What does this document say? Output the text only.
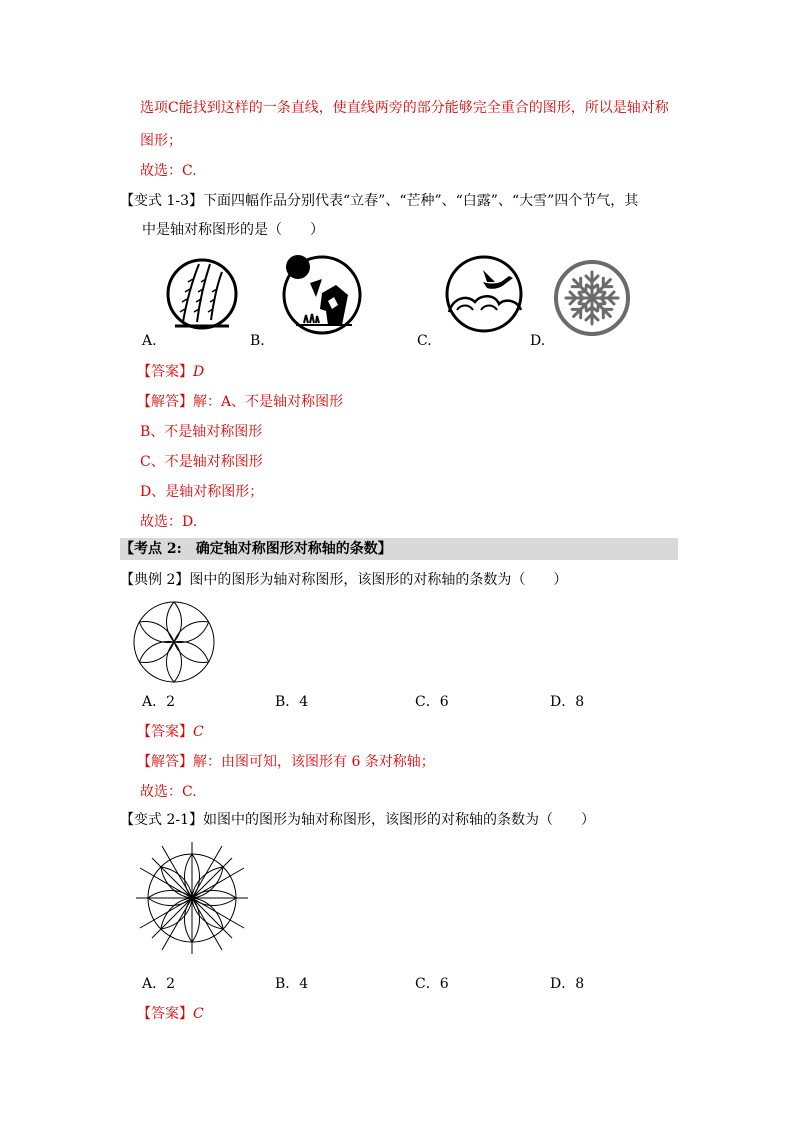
选项C能找到这样的一条直线，使直线两旁的部分能够完全重合的图形，所以是轴对称
图形；
故选：C.
【变式 1-3】下面四幅作品分别代表“立春”、“芒种”、“白露”、“大雪”四个节气，其
中是轴对称图形的是（　　）
A.	B.	C.	D.
【答案】D
【解答】解：A、不是轴对称图形
B、不是轴对称图形
C、不是轴对称图形
D、是轴对称图形；
故选：D.
【考点 2:　确定轴对称图形对称轴的条数】
【典例 2】图中的图形为轴对称图形，该图形的对称轴的条数为（　　）
A．2	B．4	C．6	D．8
【答案】C
【解答】解：由图可知，该图形有 6 条对称轴；
故选：C.
【变式 2-1】如图中的图形为轴对称图形，该图形的对称轴的条数为（　　）
A．2	B．4	C．6	D．8
【答案】C
